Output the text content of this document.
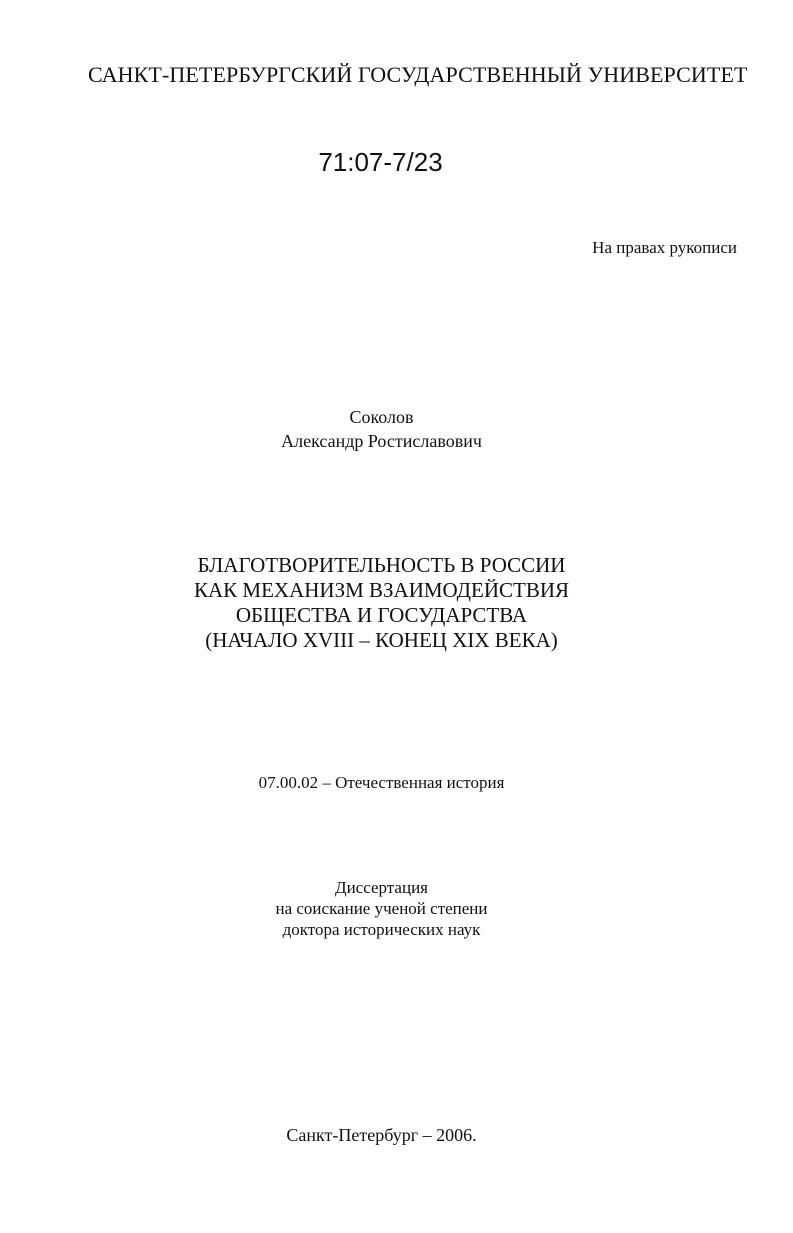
САНКТ-ПЕТЕРБУРГСКИЙ ГОСУДАРСТВЕННЫЙ УНИВЕРСИТЕТ

71:07-7/23

На правах рукописи

Соколов
Александр Ростиславович
БЛАГОТВОРИТЕЛЬНОСТЬ В РОССИИ
КАК МЕХАНИЗМ ВЗАИМОДЕЙСТВИЯ
ОБЩЕСТВА И ГОСУДАРСТВА
(НАЧАЛО XVIII – КОНЕЦ XIX ВЕКА)
07.00.02 – Отечественная история
Диссертация
на соискание ученой степени
доктора исторических наук
Санкт-Петербург – 2006.
